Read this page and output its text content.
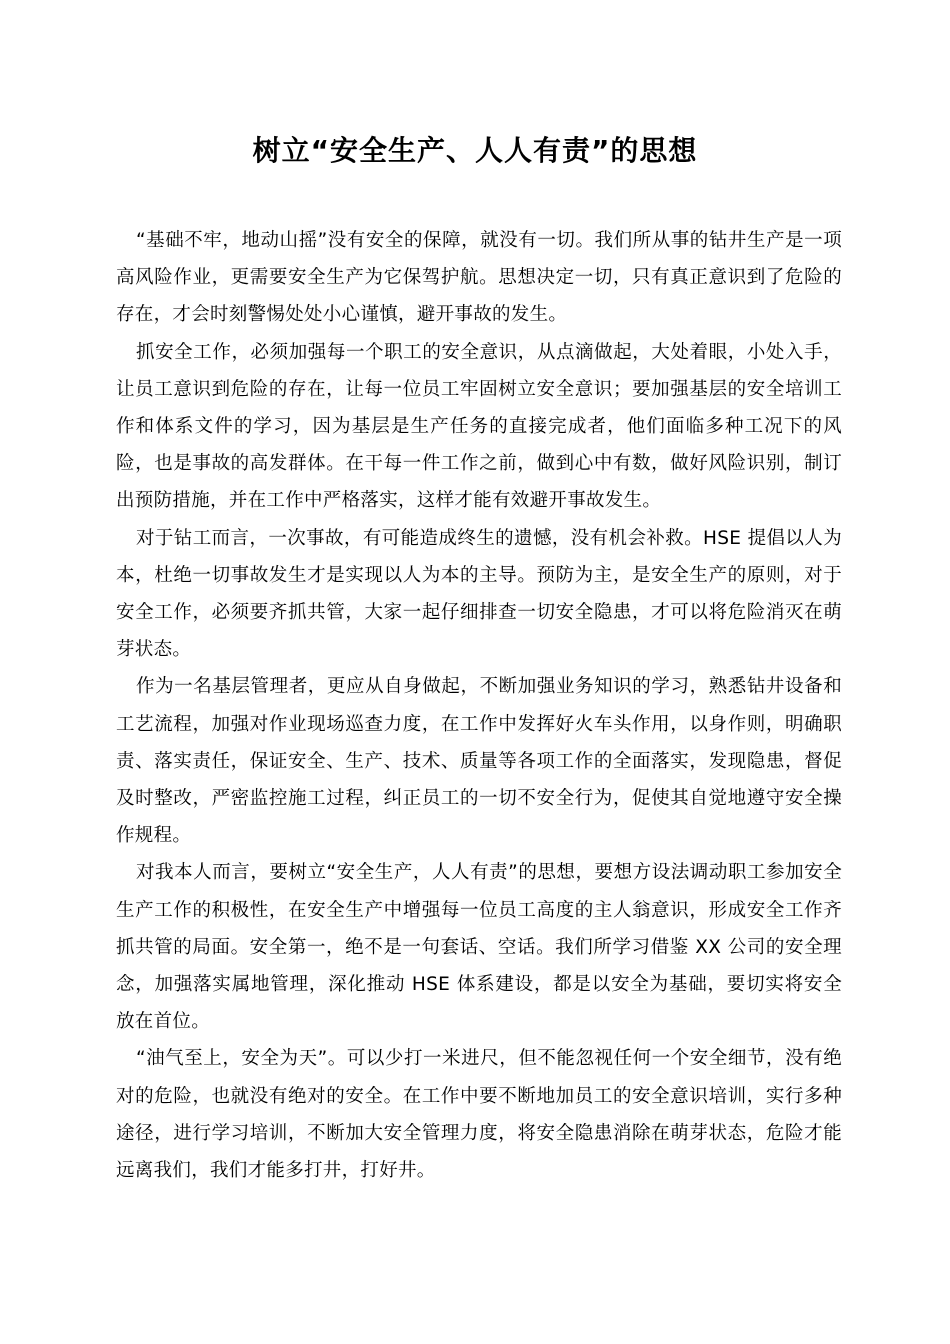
树立“安全生产、人人有责”的思想

“基础不牢，地动山摇”没有安全的保障，就没有一切。我们所从事的钻井生产是一项高风险作业，更需要安全生产为它保驾护航。思想决定一切，只有真正意识到了危险的存在，才会时刻警惕处处小心谨慎，避开事故的发生。

抓安全工作，必须加强每一个职工的安全意识，从点滴做起，大处着眼，小处入手，让员工意识到危险的存在，让每一位员工牢固树立安全意识；要加强基层的安全培训工作和体系文件的学习，因为基层是生产任务的直接完成者，他们面临多种工况下的风险，也是事故的高发群体。在干每一件工作之前，做到心中有数，做好风险识别，制订出预防措施，并在工作中严格落实，这样才能有效避开事故发生。

对于钻工而言，一次事故，有可能造成终生的遗憾，没有机会补救。HSE 提倡以人为本，杜绝一切事故发生才是实现以人为本的主导。预防为主，是安全生产的原则，对于安全工作，必须要齐抓共管，大家一起仔细排查一切安全隐患，才可以将危险消灭在萌芽状态。

作为一名基层管理者，更应从自身做起，不断加强业务知识的学习，熟悉钻井设备和工艺流程，加强对作业现场巡查力度，在工作中发挥好火车头作用，以身作则，明确职责、落实责任，保证安全、生产、技术、质量等各项工作的全面落实，发现隐患，督促及时整改，严密监控施工过程，纠正员工的一切不安全行为，促使其自觉地遵守安全操作规程。

对我本人而言，要树立“安全生产，人人有责”的思想，要想方设法调动职工参加安全生产工作的积极性，在安全生产中增强每一位员工高度的主人翁意识，形成安全工作齐抓共管的局面。安全第一，绝不是一句套话、空话。我们所学习借鉴 XX 公司的安全理念，加强落实属地管理，深化推动 HSE 体系建设，都是以安全为基础，要切实将安全放在首位。

“油气至上，安全为天”。可以少打一米进尺，但不能忽视任何一个安全细节，没有绝对的危险，也就没有绝对的安全。在工作中要不断地加员工的安全意识培训，实行多种途径，进行学习培训，不断加大安全管理力度，将安全隐患消除在萌芽状态，危险才能远离我们，我们才能多打井，打好井。
